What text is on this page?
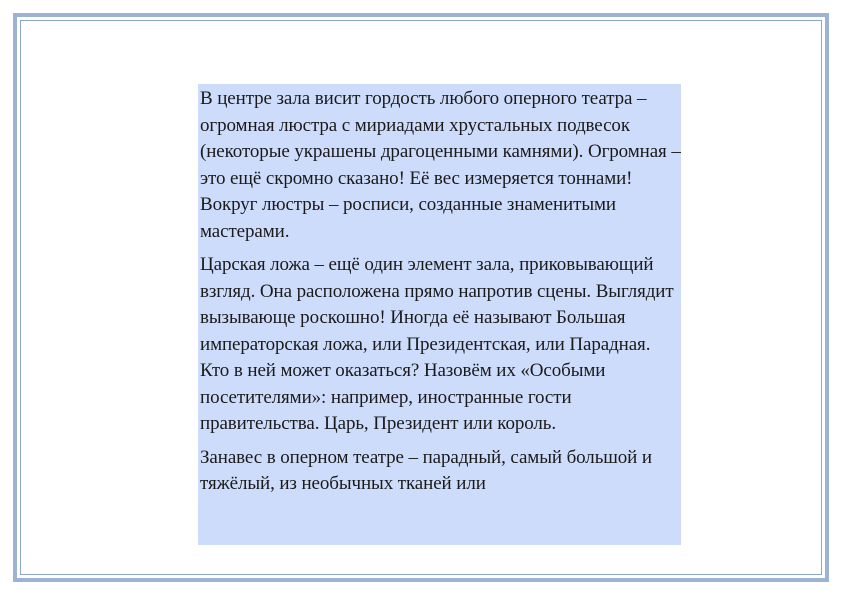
В центре зала висит гордость любого оперного театра – огромная люстра с мириадами хрустальных подвесок (некоторые украшены драгоценными камнями). Огромная – это ещё скромно сказано! Её вес измеряется тоннами! Вокруг люстры – росписи, созданные знаменитыми мастерами.

Царская ложа – ещё один элемент зала, приковывающий взгляд. Она расположена прямо напротив сцены. Выглядит вызывающе роскошно! Иногда её называют Большая императорская ложа, или Президентская, или Парадная. Кто в ней может оказаться? Назовём их «Особыми посетителями»: например, иностранные гости правительства. Царь, Президент или король.

Занавес в оперном театре – парадный, самый большой и тяжёлый, из необычных тканей или
